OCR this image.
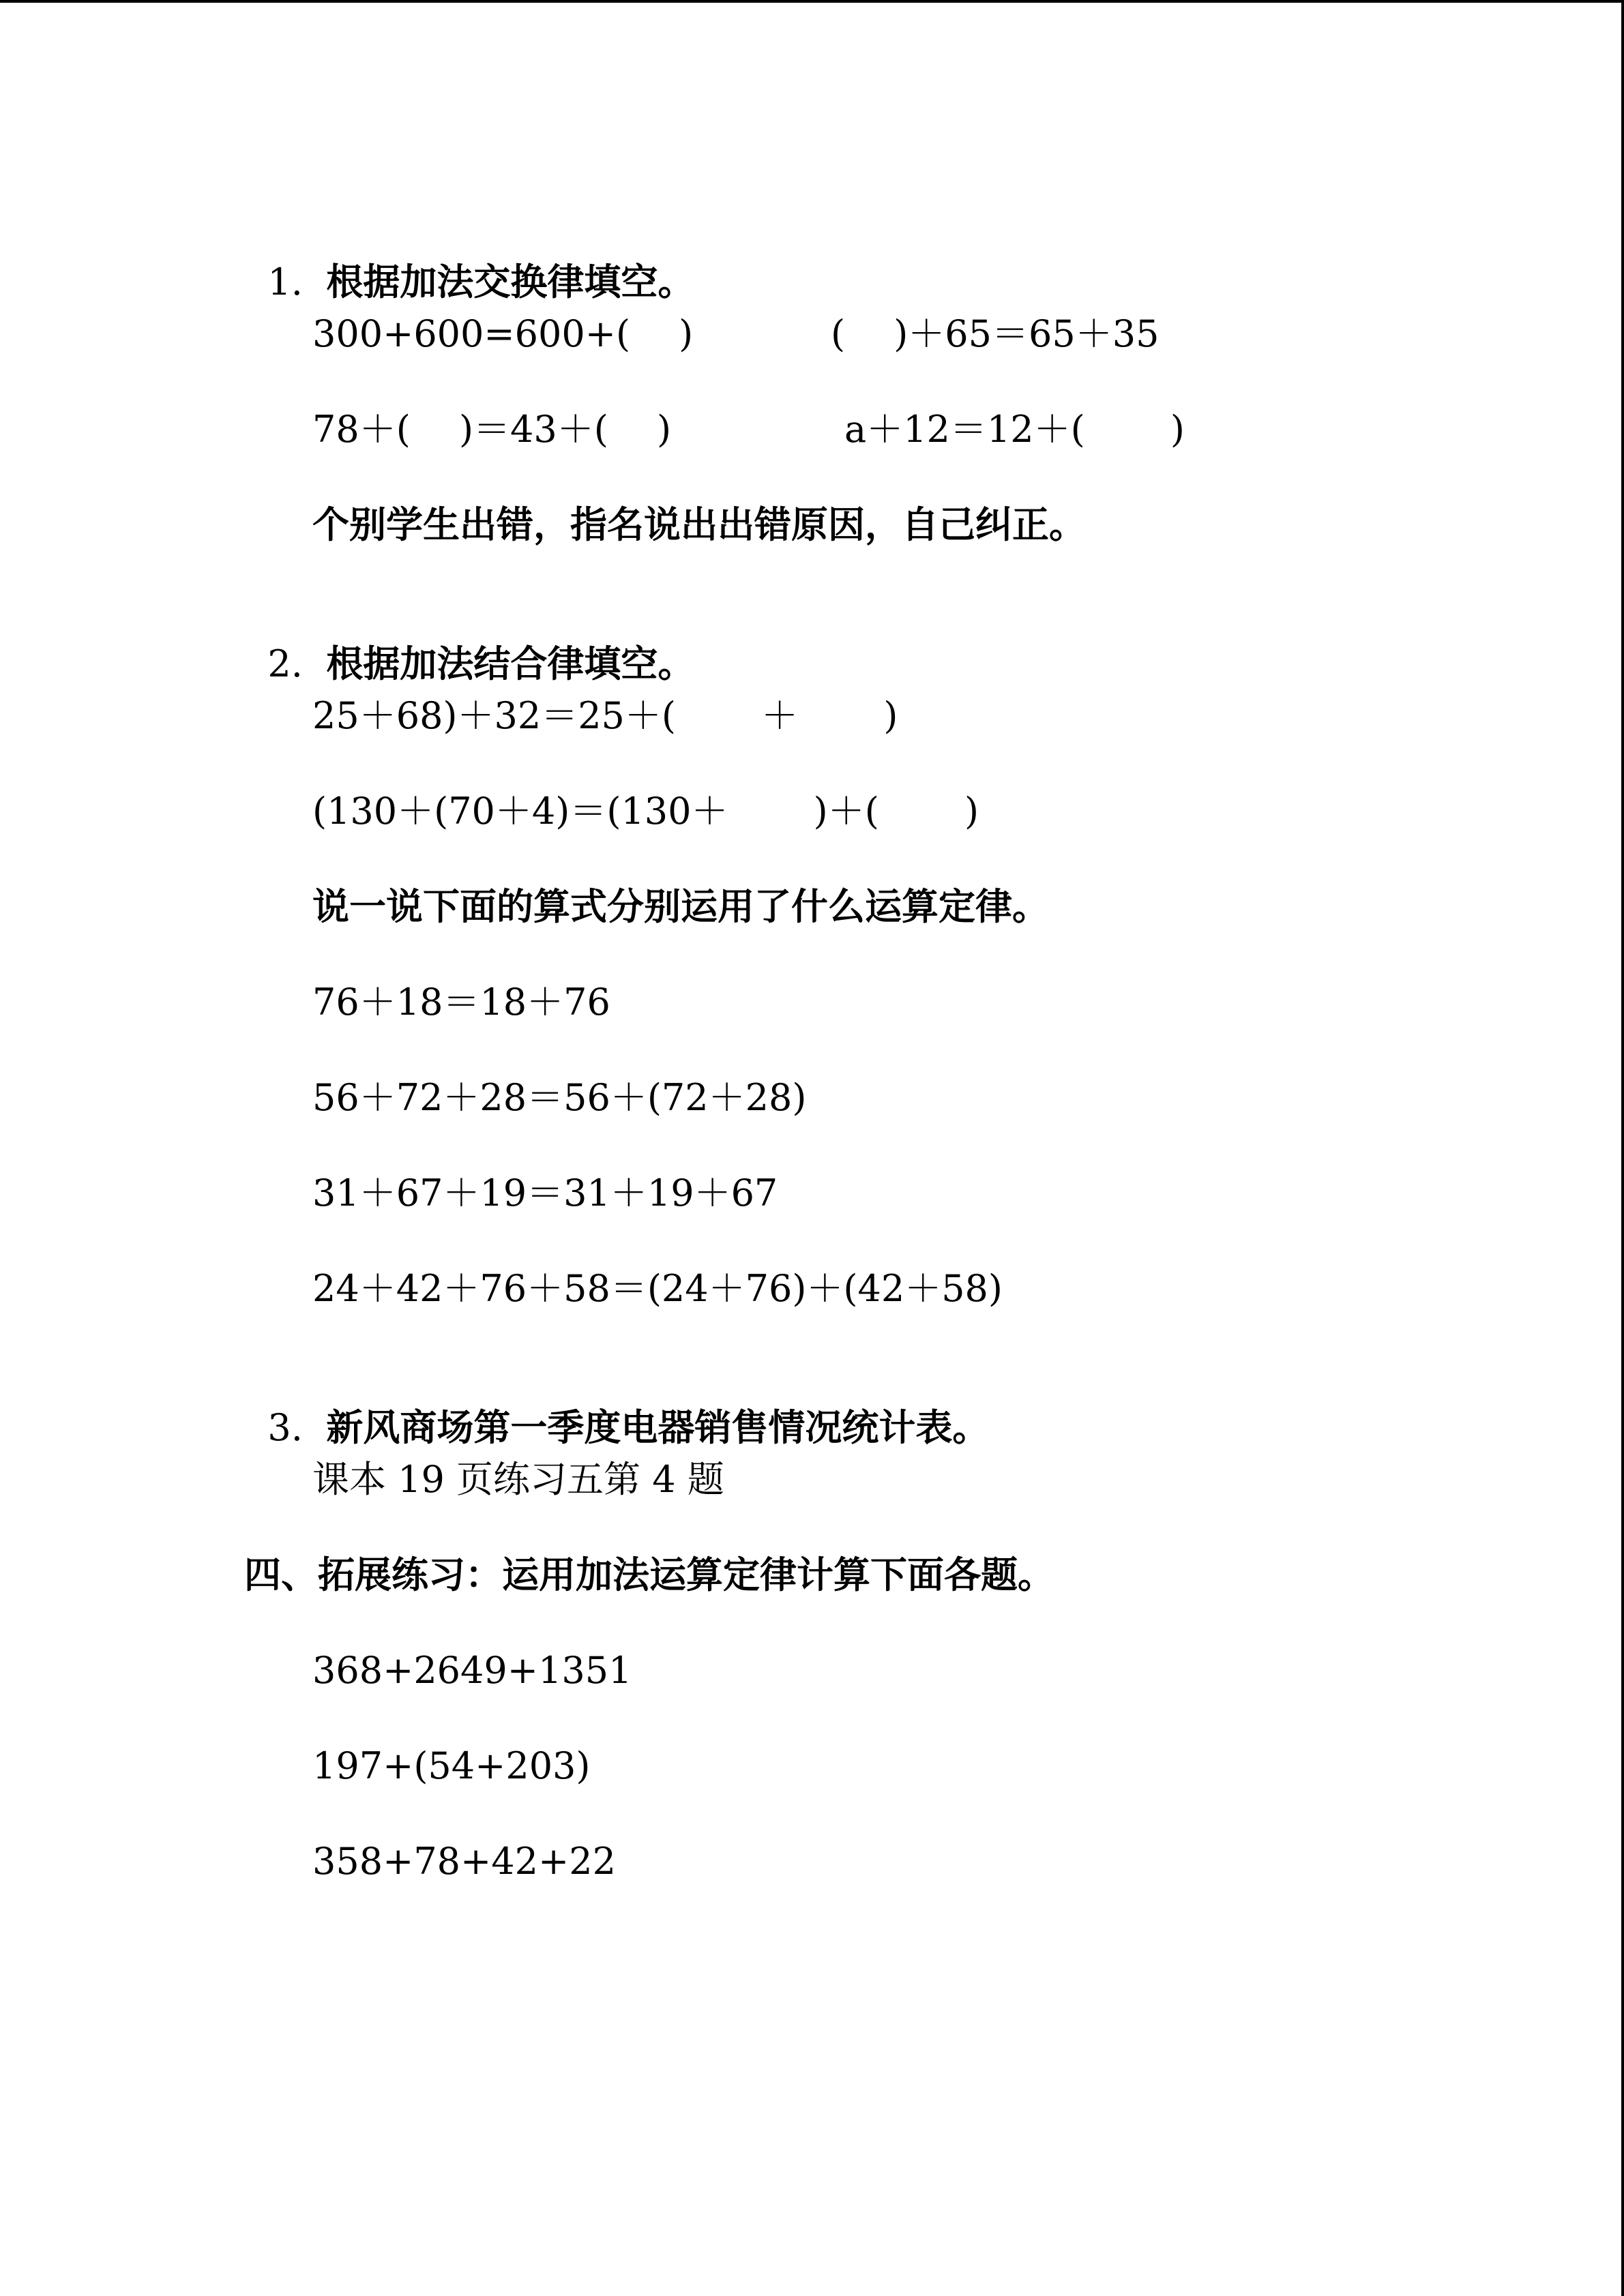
1. 根据加法交换律填空。

300+600=600+(  )	(  )＋65＝65＋35
78＋(  )＝43＋(  )	a＋12＝12＋(   )
个别学生出错，指名说出出错原因，自己纠正。

2. 根据加法结合律填空。

25＋68)＋32＝25＋(   ＋   )
(130＋(70＋4)＝(130＋   )＋(   )
说一说下面的算式分别运用了什么运算定律。
76＋18＝18＋76
56＋72＋28＝56＋(72＋28)
31＋67＋19＝31＋19＋67
24＋42＋76＋58＝(24＋76)＋(42＋58)

3. 新风商场第一季度电器销售情况统计表。

课本 19 页练习五第 4 题
四、拓展练习：运用加法运算定律计算下面各题。
368+2649+1351
197+(54+203)
358+78+42+22
